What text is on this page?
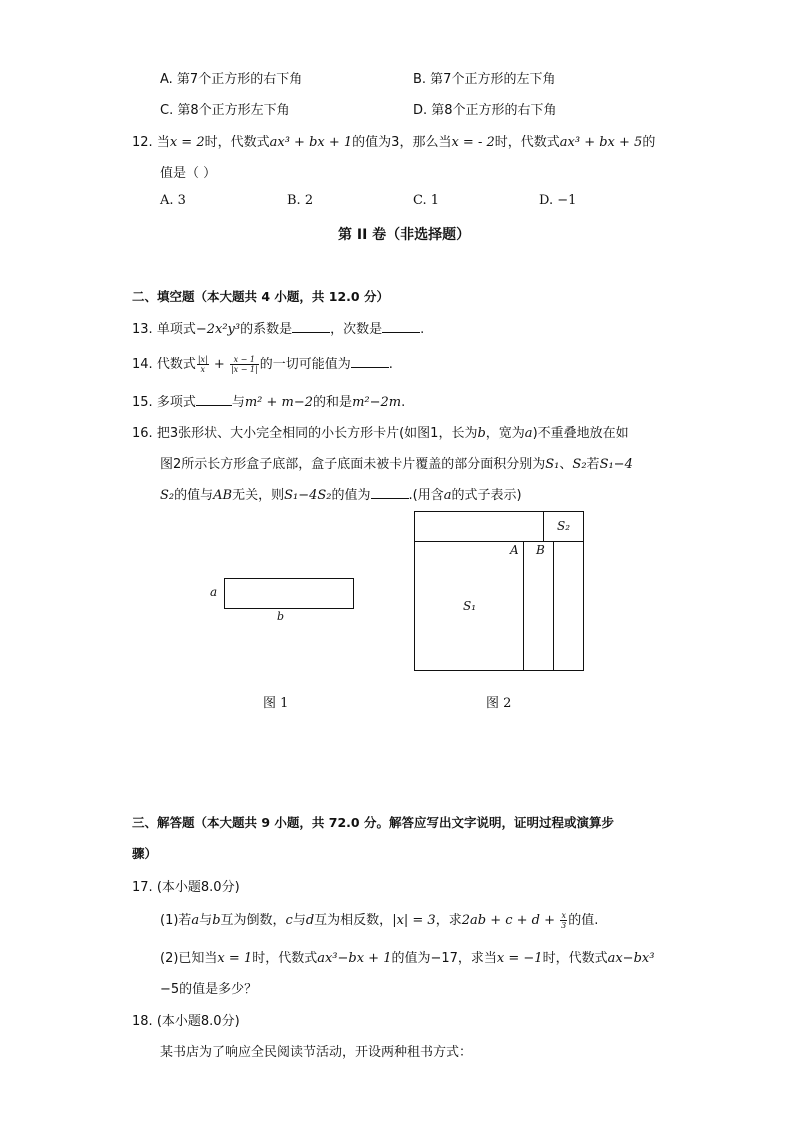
A. 第7个正方形的右下角	B. 第7个正方形的左下角
C. 第8个正方形左下角	D. 第8个正方形的右下角
12. 当x = 2时，代数式ax³ + bx + 1的值为3，那么当x = - 2时，代数式ax³ + bx + 5的
值是（ ）
A. 3	B. 2	C. 1	D. −1
第 II 卷（非选择题）
二、填空题（本大题共 4 小题，共 12.0 分）
13. 单项式−2x²y³的系数是	，次数是	.
14. 代数式 $\frac{|x|}{x} + \frac{x - 1}{|x - 1|}$ 的一切可能值为	.
15. 多项式	与m² + m−2的和是m²−2m.
16. 把3张形状、大小完全相同的小长方形卡片(如图1，长为b，宽为a)不重叠地放在如
图2所示长方形盒子底部，盒子底面未被卡片覆盖的部分面积分别为S₁、S₂若S₁−4
S₂的值与AB无关，则S₁−4S₂的值为	.(用含a的式子表示)
a
b
图 1
S₂
A B
S₁
图 2
三、解答题（本大题共 9 小题，共 72.0 分。解答应写出文字说明，证明过程或演算步
骤）
17. (本小题8.0分)
(1)若a与b互为倒数，c与d互为相反数，|x| = 3，求$2ab + c + d + \frac{x}{3}$ 的值.
(2)已知当x = 1时，代数式ax³−bx + 1的值为−17，求当x = −1时，代数式ax−bx³
−5的值是多少？
18. (本小题8.0分)
某书店为了响应全民阅读节活动，开设两种租书方式：
